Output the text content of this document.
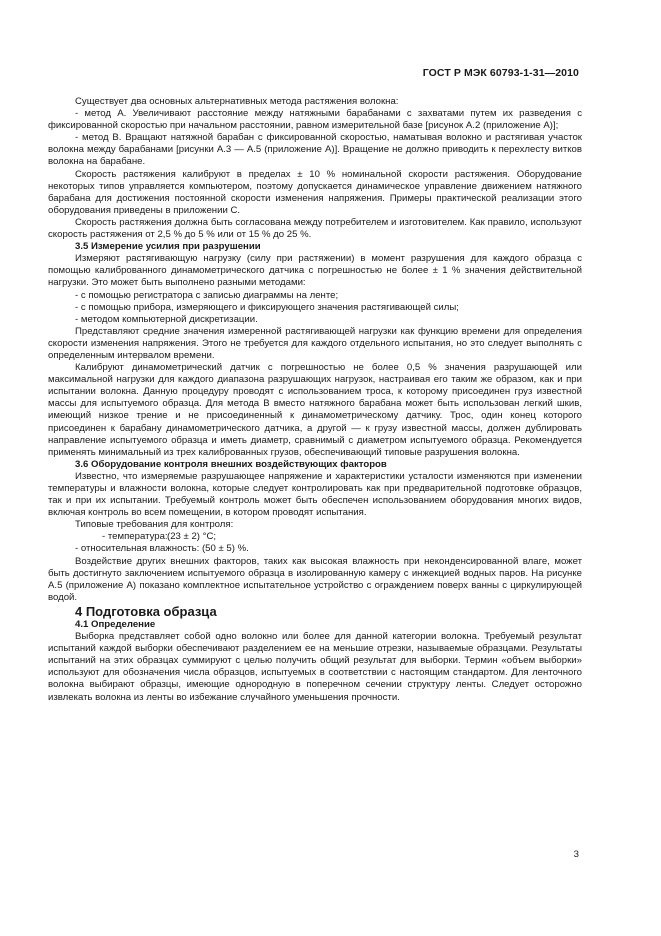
ГОСТ Р МЭК 60793-1-31—2010

Существует два основных альтернативных метода растяжения волокна:

- метод А. Увеличивают расстояние между натяжными барабанами с захватами путем их разведения с фиксированной скоростью при начальном расстоянии, равном измерительной базе [рисунок А.2 (приложение А)];

- метод В. Вращают натяжной барабан с фиксированной скоростью, наматывая волокно и растягивая участок волокна между барабанами [рисунки А.3 — А.5 (приложение А)]. Вращение не должно приводить к перехлесту витков волокна на барабане.

Скорость растяжения калибруют в пределах ± 10 % номинальной скорости растяжения. Оборудование некоторых типов управляется компьютером, поэтому допускается динамическое управление движением натяжного барабана для достижения постоянной скорости изменения напряжения. Примеры практической реализации этого оборудования приведены в приложении С.

Скорость растяжения должна быть согласована между потребителем и изготовителем. Как правило, используют скорость растяжения от 2,5 % до 5 % или от 15 % до 25 %.

3.5 Измерение усилия при разрушении

Измеряют растягивающую нагрузку (силу при растяжении) в момент разрушения для каждого образца с помощью калиброванного динамометрического датчика с погрешностью не более ± 1 % значения действительной нагрузки. Это может быть выполнено разными методами:

- с помощью регистратора с записью диаграммы на ленте;

- с помощью прибора, измеряющего и фиксирующего значения растягивающей силы;

- методом компьютерной дискретизации.

Представляют средние значения измеренной растягивающей нагрузки как функцию времени для определения скорости изменения напряжения. Этого не требуется для каждого отдельного испытания, но это следует выполнять с определенным интервалом времени.

Калибруют динамометрический датчик с погрешностью не более 0,5 % значения разрушающей или максимальной нагрузки для каждого диапазона разрушающих нагрузок, настраивая его таким же образом, как и при испытании волокна. Данную процедуру проводят с использованием троса, к которому присоединен груз известной массы для испытуемого образца. Для метода В вместо натяжного барабана может быть использован легкий шкив, имеющий низкое трение и не присоединенный к динамометрическому датчику. Трос, один конец которого присоединен к барабану динамометрического датчика, а другой — к грузу известной массы, должен дублировать направление испытуемого образца и иметь диаметр, сравнимый с диаметром испытуемого образца. Рекомендуется применять минимальный из трех калиброванных грузов, обеспечивающий типовые разрушения волокна.

3.6 Оборудование контроля внешних воздействующих факторов

Известно, что измеряемые разрушающее напряжение и характеристики усталости изменяются при изменении температуры и влажности волокна, которые следует контролировать как при предварительной подготовке образцов, так и при их испытании. Требуемый контроль может быть обеспечен использованием оборудования многих видов, включая контроль во всем помещении, в котором проводят испытания.

Типовые требования для контроля:

- температура:(23 ± 2) °С;

- относительная влажность: (50 ± 5) %.

Воздействие других внешних факторов, таких как высокая влажность при неконденсированной влаге, может быть достигнуто заключением испытуемого образца в изолированную камеру с инжекцией водных паров. На рисунке А.5 (приложение А) показано комплектное испытательное устройство с ограждением поверх ванны с циркулирующей водой.

4 Подготовка образца

4.1 Определение

Выборка представляет собой одно волокно или более для данной категории волокна. Требуемый результат испытаний каждой выборки обеспечивают разделением ее на меньшие отрезки, называемые образцами. Результаты испытаний на этих образцах суммируют с целью получить общий результат для выборки. Термин «объем выборки» используют для обозначения числа образцов, испытуемых в соответствии с настоящим стандартом. Для ленточного волокна выбирают образцы, имеющие однородную в поперечном сечении структуру ленты. Следует осторожно извлекать волокна из ленты во избежание случайного уменьшения прочности.

3
